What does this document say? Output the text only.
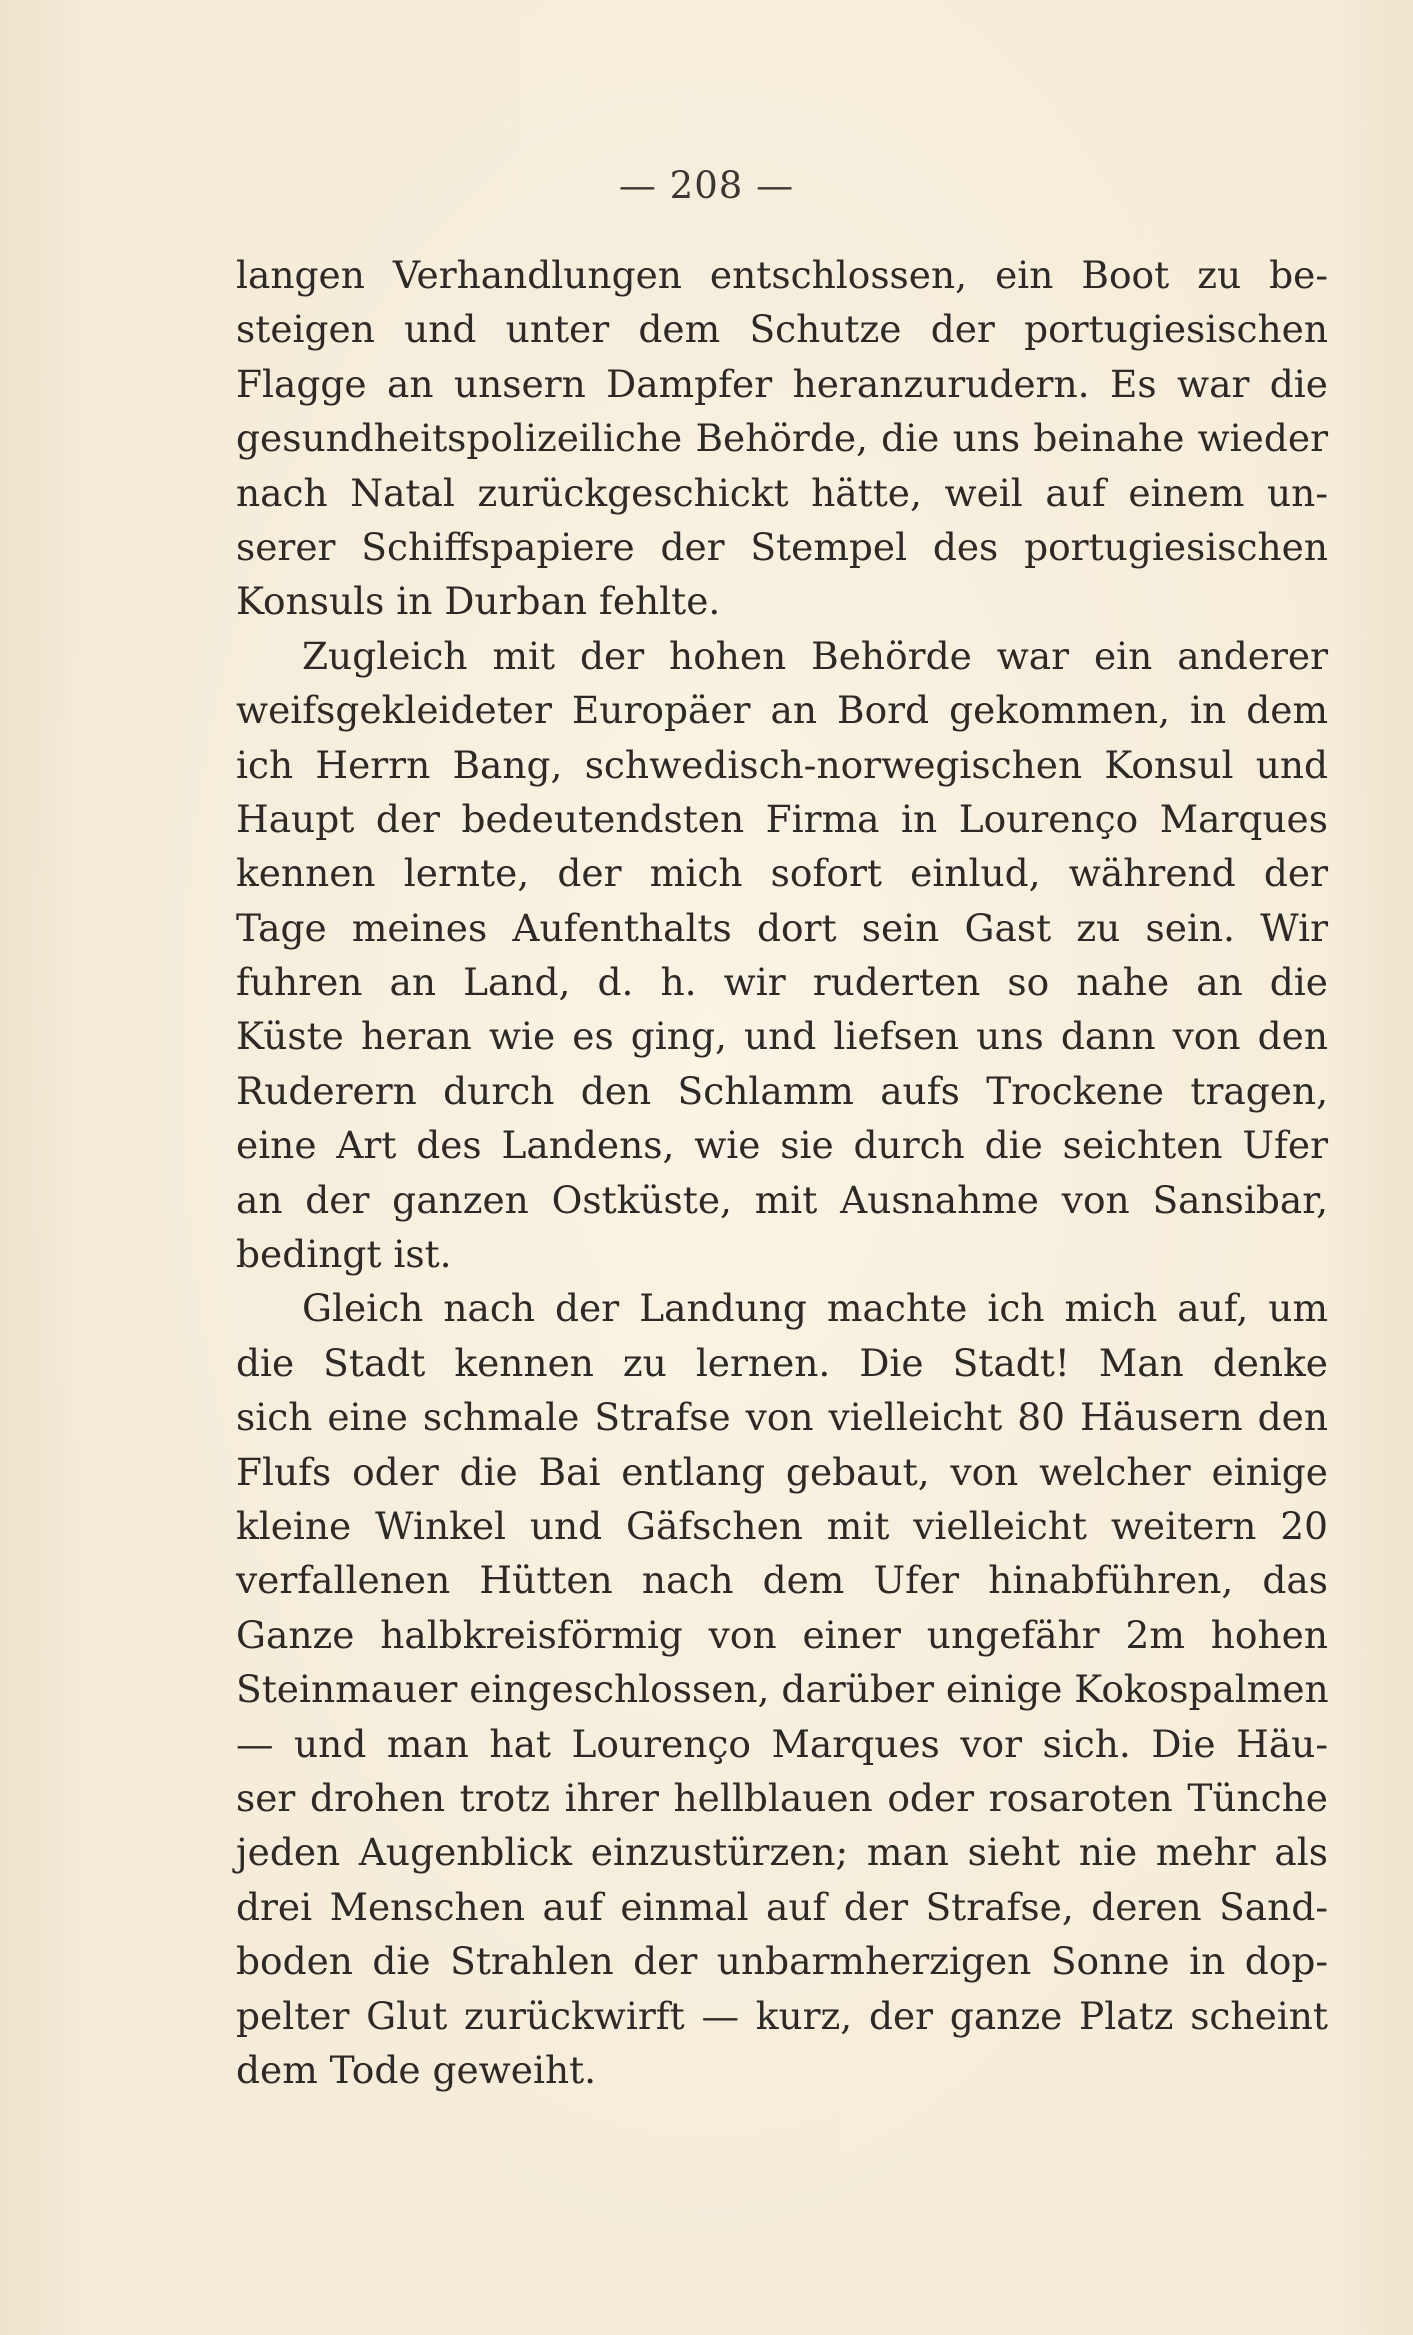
— 208 —
langen Verhandlungen entschlossen, ein Boot zu be-
steigen und unter dem Schutze der portugiesischen
Flagge an unsern Dampfer heranzurudern. Es war die
gesundheitspolizeiliche Behörde, die uns beinahe wieder
nach Natal zurückgeschickt hätte, weil auf einem un-
serer Schiffspapiere der Stempel des portugiesischen
Konsuls in Durban fehlte.
Zugleich mit der hohen Behörde war ein anderer
weifsgekleideter Europäer an Bord gekommen, in dem
ich Herrn Bang, schwedisch-norwegischen Konsul und
Haupt der bedeutendsten Firma in Lourenço Marques
kennen lernte, der mich sofort einlud, während der
Tage meines Aufenthalts dort sein Gast zu sein. Wir
fuhren an Land, d. h. wir ruderten so nahe an die
Küste heran wie es ging, und liefsen uns dann von den
Ruderern durch den Schlamm aufs Trockene tragen,
eine Art des Landens, wie sie durch die seichten Ufer
an der ganzen Ostküste, mit Ausnahme von Sansibar,
bedingt ist.
Gleich nach der Landung machte ich mich auf, um
die Stadt kennen zu lernen. Die Stadt! Man denke
sich eine schmale Strafse von vielleicht 80 Häusern den
Flufs oder die Bai entlang gebaut, von welcher einige
kleine Winkel und Gäfschen mit vielleicht weitern 20
verfallenen Hütten nach dem Ufer hinabführen, das
Ganze halbkreisförmig von einer ungefähr 2m hohen
Steinmauer eingeschlossen, darüber einige Kokospalmen
— und man hat Lourenço Marques vor sich. Die Häu-
ser drohen trotz ihrer hellblauen oder rosaroten Tünche
jeden Augenblick einzustürzen; man sieht nie mehr als
drei Menschen auf einmal auf der Strafse, deren Sand-
boden die Strahlen der unbarmherzigen Sonne in dop-
pelter Glut zurückwirft — kurz, der ganze Platz scheint
dem Tode geweiht.
